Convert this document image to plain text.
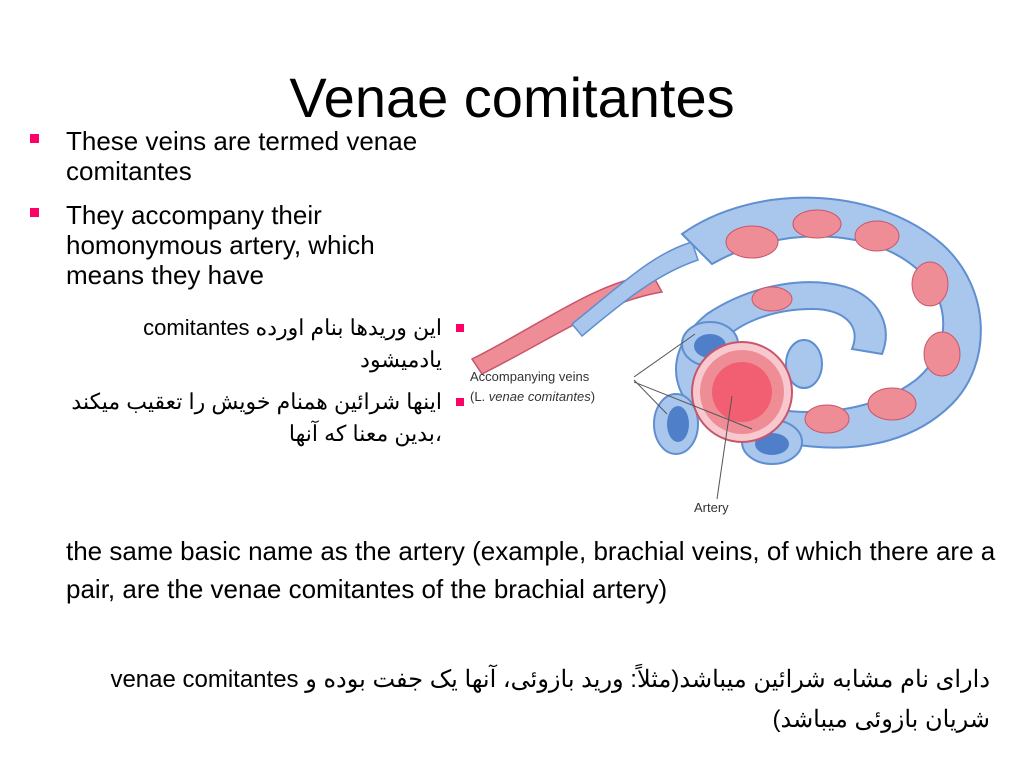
Venae comitantes
These veins are termed venae comitantes
They accompany their homonymous artery, which means they have
این وریدها بنام اورده comitantes یادمیشود
اینها شرائین همنام خویش را تعقیب میکند ،بدین معنا که آنها
Accompanying veins
(L. venae comitantes)
Artery
the same basic name as the artery (example, brachial veins, of which there are a pair, are the venae comitantes of the brachial artery)
دارای نام مشابه شرائین میباشد(مثلاً: ورید بازوئی، آنها یک جفت بوده و venae comitantes شریان بازوئی میباشد)
